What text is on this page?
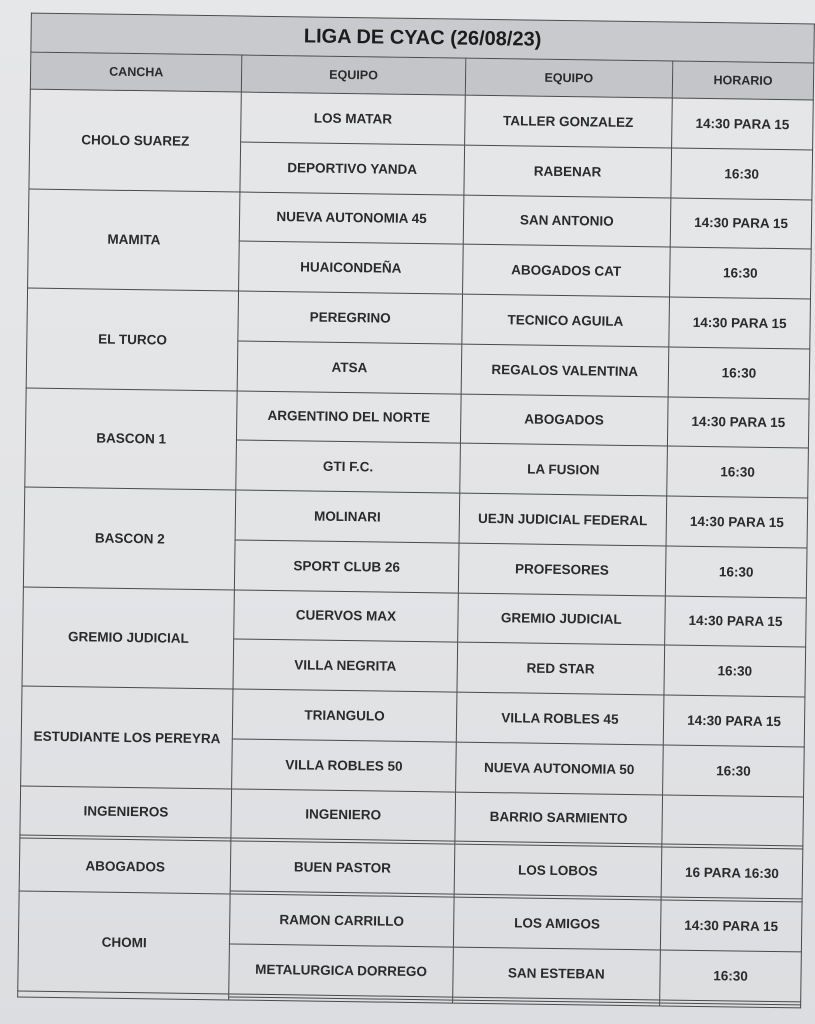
LIGA DE CYAC (26/08/23)			
CANCHA	EQUIPO	EQUIPO	HORARIO
CHOLO SUAREZ	LOS MATAR	TALLER GONZALEZ	14:30 PARA 15
	DEPORTIVO YANDA	RABENAR	16:30
MAMITA	NUEVA AUTONOMIA 45	SAN ANTONIO	14:30 PARA 15
	HUAICONDEÑA	ABOGADOS CAT	16:30
EL TURCO	PEREGRINO	TECNICO AGUILA	14:30 PARA 15
	ATSA	REGALOS VALENTINA	16:30
BASCON 1	ARGENTINO DEL NORTE	ABOGADOS	14:30 PARA 15
	GTI F.C.	LA FUSION	16:30
BASCON 2	MOLINARI	UEJN JUDICIAL FEDERAL	14:30 PARA 15
	SPORT CLUB 26	PROFESORES	16:30
GREMIO JUDICIAL	CUERVOS MAX	GREMIO JUDICIAL	14:30 PARA 15
	VILLA NEGRITA	RED STAR	16:30
ESTUDIANTE LOS PEREYRA	TRIANGULO	VILLA ROBLES 45	14:30 PARA 15
	VILLA ROBLES 50	NUEVA AUTONOMIA 50	16:30
INGENIEROS	INGENIERO	BARRIO SARMIENTO	

ABOGADOS	BUEN PASTOR	LOS LOBOS	16 PARA 16:30

CHOMI	RAMON CARRILLO	LOS AMIGOS	14:30 PARA 15
	METALURGICA DORREGO	SAN ESTEBAN	16:30
